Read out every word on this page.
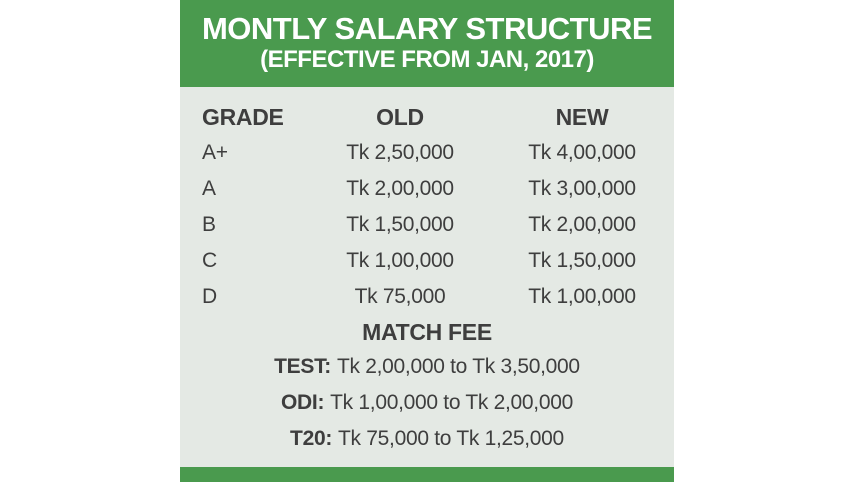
MONTLY SALARY STRUCTURE
(EFFECTIVE FROM JAN, 2017)
GRADE	OLD	NEW
A+	Tk 2,50,000	Tk 4,00,000
A	Tk 2,00,000	Tk 3,00,000
B	Tk 1,50,000	Tk 2,00,000
C	Tk 1,00,000	Tk 1,50,000
D	Tk 75,000	Tk 1,00,000
MATCH FEE
TEST: Tk 2,00,000 to Tk 3,50,000
ODI: Tk 1,00,000 to Tk 2,00,000
T20: Tk 75,000 to Tk 1,25,000
